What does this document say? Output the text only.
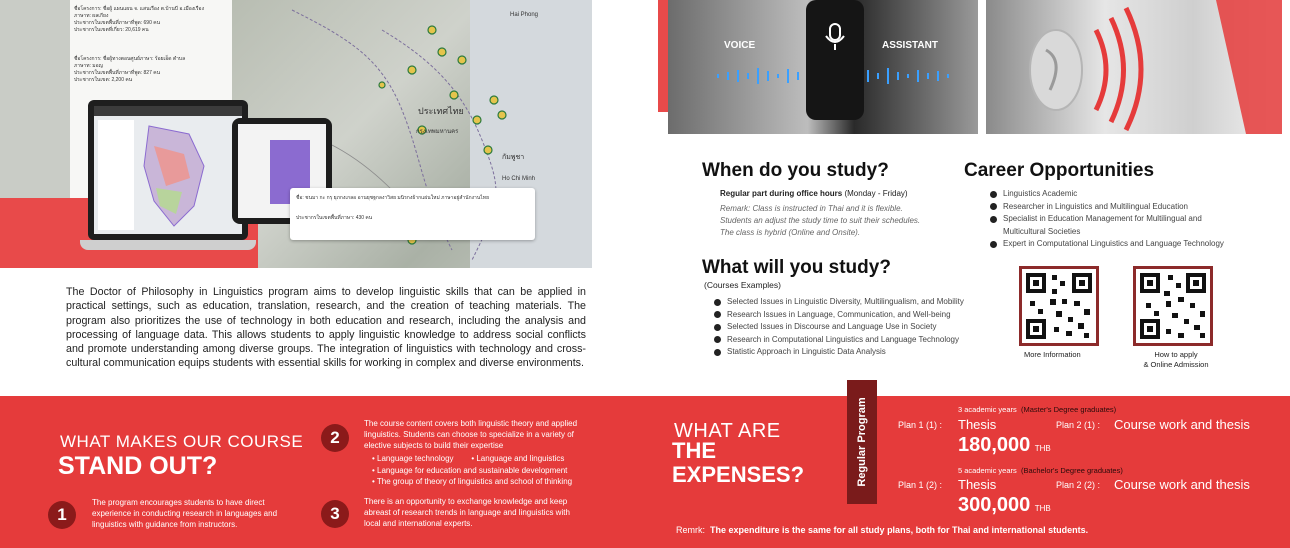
ประเทศไทย
กรุงเทพมหานคร
Hai Phong
Ho Chi Minh
กัมพูชา
ชื่อโครงการ: ชื่อผู้ แผนแผน จ. แสนเรือง ต.บ้านบี อ.เมืองเรือง
ภาษาท: ผลเกียง
ประชากรในเขตพื้นที่ภาษาที่พูด: 690 คน
ประชากรในเขตที่เกี่ยว: 20,619 คน
ชื่อโครงการ: ชื่อผู้ทางตอนศูนย์ภาษา: ร้อยเอ็ด ตำบล
ภาษาท: มอญ
ประชากรในเขตพื้นที่ภาษาที่พูด: 827 คน
ประชากรในเขต: 2,200 คน
ชื่อ: ชนมา กะ กรุ ยุภกงเกลอ อานยุชฐกลงาวิสย มนิรกงธ้ากแผ่นใหม่ ภาษาอยู่สำนักงานไทย
ประชากรในเขตพื้นที่ภาษา: 430 คน
The Doctor of Philosophy in Linguistics program aims to develop linguistic skills that can be applied in practical settings, such as education, translation, research, and the creation of teaching materials. The program also prioritizes the use of technology in both education and research, including the analysis and processing of language data. This allows students to apply linguistic knowledge to address social conflicts and promote understanding among diverse groups. The integration of linguistics with technology and cross-cultural communication equips students with essential skills for working in complex and diverse environments.
VOICE	ASSISTANT
When do you study?
Regular part during office hours (Monday - Friday)
Remark: Class is instructed in Thai and it is flexible.
Students an adjust the study time to suit their schedules.
The class is hybrid (Online and Onsite).
What will you study?
(Courses Examples)
Selected Issues in Linguistic Diversity, Multilingualism, and Mobility
Research Issues in Language, Communication, and Well-being
Selected Issues in Discourse and Language Use in Society
Research in Computational Linguistics and Language Technology
Statistic Approach in Linguistic Data Analysis
Career Opportunities
Linguistics Academic
Researcher in Linguistics and Multilingual Education
Specialist in Education Management for Multilingual and
Multicultural Societies
Expert in Computational Linguistics and Language Technology
More Information	How to apply
& Online Admission
WHAT MAKES OUR COURSE
STAND OUT?
1
The program encourages students to have direct experience in conducting research in languages and linguistics with guidance from instructors.
2
The course content covers both linguistic theory and applied linguistics. Students can choose to specialize in a variety of elective subjects to build their expertise
• Language technology        • Language and linguistics
• Language for education and sustainable development
• The group of theory of linguistics and school of thinking
3
There is an opportunity to exchange knowledge and keep abreast of research trends in language and linguistics with local and international experts.
WHAT ARE
THE
EXPENSES?	Regular Program	3 academic years (Master's Degree graduates)
Plan 1 (1) : Thesis	Plan 2 (1) : Course work and thesis
180,000 THB
5 academic years (Bachelor's Degree graduates)
Plan 1 (2) : Thesis	Plan 2 (2) : Course work and thesis
300,000 THB
Remrk: The expenditure is the same for all study plans, both for Thai and international students.
